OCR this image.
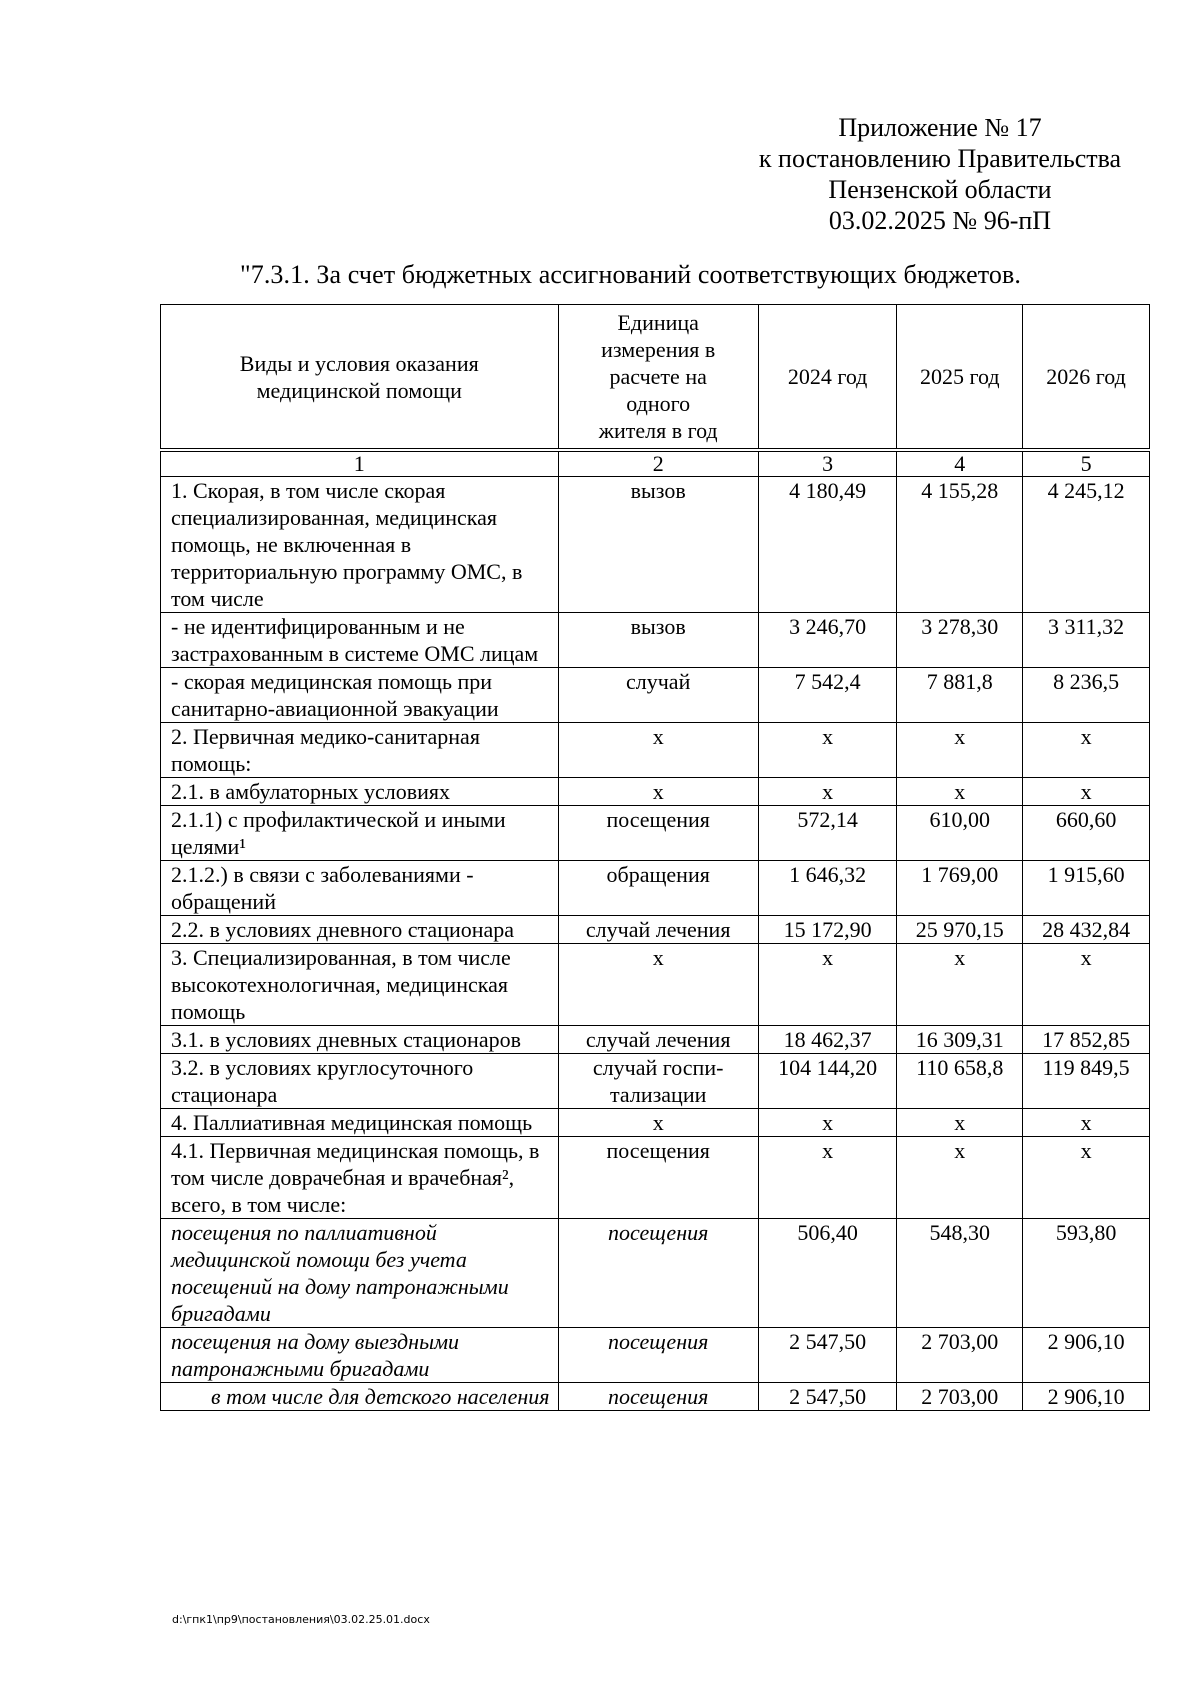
Приложение № 17
к постановлению Правительства
Пензенской области
03.02.2025 № 96-пП
"7.3.1. За счет бюджетных ассигнований соответствующих бюджетов.
Виды и условия оказания медицинской помощи	Единица измерения в расчете на одного жителя в год	2024 год	2025 год	2026 год
1	2	3	4	5
1. Скорая, в том числе скорая специализированная, медицинская помощь, не включенная в территориальную программу ОМС, в том числе	вызов	4 180,49	4 155,28	4 245,12
- не идентифицированным и не застрахованным в системе ОМС лицам	вызов	3 246,70	3 278,30	3 311,32
- скорая медицинская помощь при санитарно-авиационной эвакуации	случай	7 542,4	7 881,8	8 236,5
2. Первичная медико-санитарная помощь:	х	х	х	х
2.1. в амбулаторных условиях	х	х	х	х
2.1.1) с профилактической и иными целями¹	посещения	572,14	610,00	660,60
2.1.2.) в связи с заболеваниями - обращений	обращения	1 646,32	1 769,00	1 915,60
2.2. в условиях дневного стационара	случай лечения	15 172,90	25 970,15	28 432,84
3. Специализированная, в том числе высокотехнологичная, медицинская помощь	х	х	х	х
3.1. в условиях дневных стационаров	случай лечения	18 462,37	16 309,31	17 852,85
3.2. в условиях круглосуточного стационара	случай госпи-тализации	104 144,20	110 658,8	119 849,5
4. Паллиативная медицинская помощь	х	х	х	х
4.1. Первичная медицинская помощь, в том числе доврачебная и врачебная², всего, в том числе:	посещения	х	х	х
посещения по паллиативной медицинской помощи без учета посещений на дому патронажными бригадами	посещения	506,40	548,30	593,80
посещения на дому выездными патронажными бригадами	посещения	2 547,50	2 703,00	2 906,10
в том числе для детского населения	посещения	2 547,50	2 703,00	2 906,10
d:\гпк1\пр9\постановления\03.02.25.01.docx
